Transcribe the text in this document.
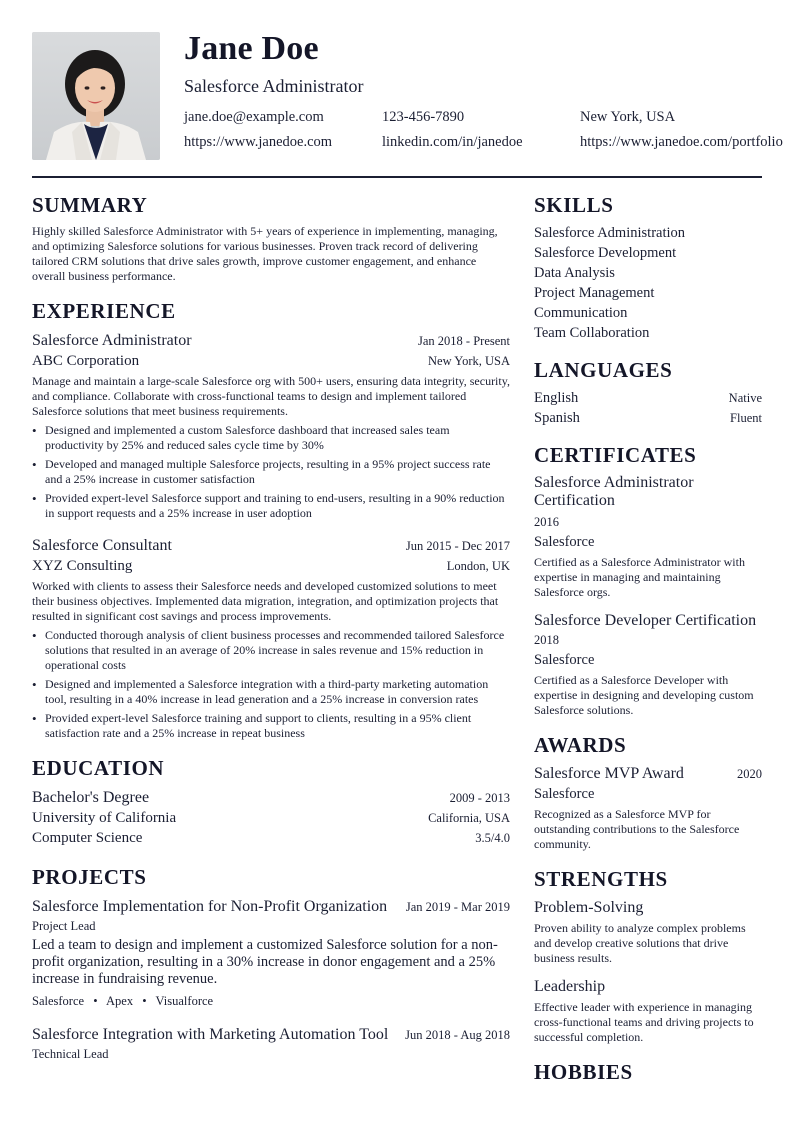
Jane Doe
Salesforce Administrator
jane.doe@example.com	123-456-7890	New York, USA
https://www.janedoe.com	linkedin.com/in/janedoe	https://www.janedoe.com/portfolio
SUMMARY
Highly skilled Salesforce Administrator with 5+ years of experience in implementing, managing, and optimizing Salesforce solutions for various businesses. Proven track record of delivering tailored CRM solutions that drive sales growth, improve customer engagement, and enhance overall business performance.
EXPERIENCE
Salesforce Administrator	Jan 2018 - Present
ABC Corporation	New York, USA
Manage and maintain a large-scale Salesforce org with 500+ users, ensuring data integrity, security, and compliance. Collaborate with cross-functional teams to design and implement tailored Salesforce solutions that meet business requirements.
• Designed and implemented a custom Salesforce dashboard that increased sales team productivity by 25% and reduced sales cycle time by 30%
• Developed and managed multiple Salesforce projects, resulting in a 95% project success rate and a 25% increase in customer satisfaction
• Provided expert-level Salesforce support and training to end-users, resulting in a 90% reduction in support requests and a 25% increase in user adoption
Salesforce Consultant	Jun 2015 - Dec 2017
XYZ Consulting	London, UK
Worked with clients to assess their Salesforce needs and developed customized solutions to meet their business objectives. Implemented data migration, integration, and optimization projects that resulted in significant cost savings and process improvements.
• Conducted thorough analysis of client business processes and recommended tailored Salesforce solutions that resulted in an average of 20% increase in sales revenue and 15% reduction in operational costs
• Designed and implemented a Salesforce integration with a third-party marketing automation tool, resulting in a 40% increase in lead generation and a 25% increase in conversion rates
• Provided expert-level Salesforce training and support to clients, resulting in a 95% client satisfaction rate and a 25% increase in repeat business
EDUCATION
Bachelor's Degree	2009 - 2013
University of California	California, USA
Computer Science	3.5/4.0
PROJECTS
Salesforce Implementation for Non-Profit Organization Jan 2019 - Mar 2019
Project Lead
Led a team to design and implement a customized Salesforce solution for a non-profit organization, resulting in a 30% increase in donor engagement and a 25% increase in fundraising revenue.
Salesforce • Apex • Visualforce
Salesforce Integration with Marketing Automation Tool Jun 2018 - Aug 2018
Technical Lead
SKILLS
Salesforce Administration
Salesforce Development
Data Analysis
Project Management
Communication
Team Collaboration
LANGUAGES
English	Native
Spanish	Fluent
CERTIFICATES
Salesforce Administrator Certification
2016
Salesforce
Certified as a Salesforce Administrator with expertise in managing and maintaining Salesforce orgs.
Salesforce Developer Certification
2018
Salesforce
Certified as a Salesforce Developer with expertise in designing and developing custom Salesforce solutions.
AWARDS
Salesforce MVP Award	2020
Salesforce
Recognized as a Salesforce MVP for outstanding contributions to the Salesforce community.
STRENGTHS
Problem-Solving
Proven ability to analyze complex problems and develop creative solutions that drive business results.
Leadership
Effective leader with experience in managing cross-functional teams and driving projects to successful completion.
HOBBIES
